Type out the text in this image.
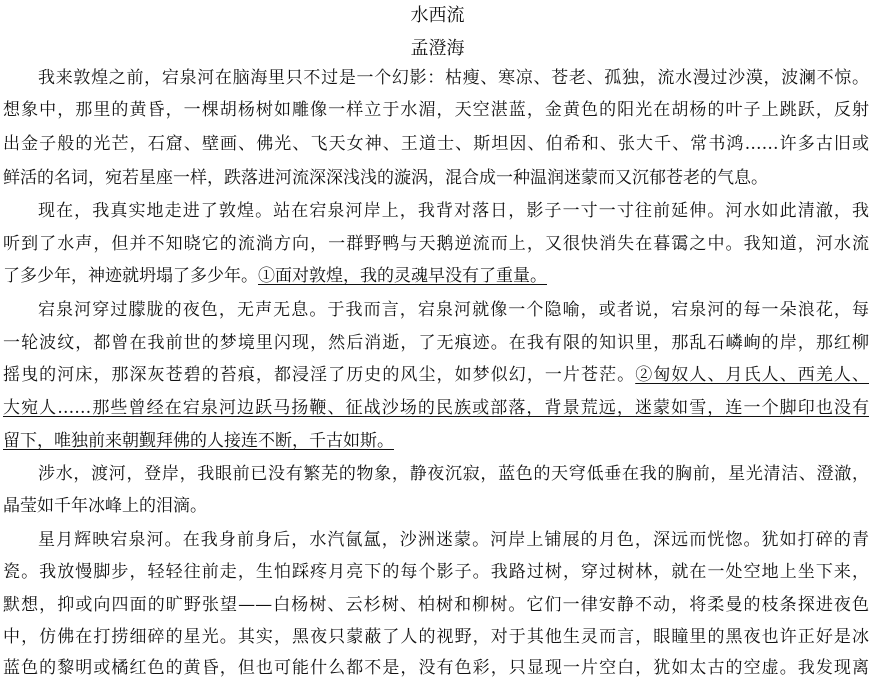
水西流
孟澄海
我来敦煌之前，宕泉河在脑海里只不过是一个幻影：枯瘦、寒凉、苍老、孤独，流水漫过沙漠，波澜不惊。
想象中，那里的黄昏，一棵胡杨树如雕像一样立于水湄，天空湛蓝，金黄色的阳光在胡杨的叶子上跳跃，反射
出金子般的光芒，石窟、壁画、佛光、飞天女神、王道士、斯坦因、伯希和、张大千、常书鸿……许多古旧或
鲜活的名词，宛若星座一样，跌落进河流深深浅浅的漩涡，混合成一种温润迷蒙而又沉郁苍老的气息。
现在，我真实地走进了敦煌。站在宕泉河岸上，我背对落日，影子一寸一寸往前延伸。河水如此清澈，我
听到了水声，但并不知晓它的流淌方向，一群野鸭与天鹅逆流而上，又很快消失在暮霭之中。我知道，河水流
了多少年，神迹就坍塌了多少年。①面对敦煌，我的灵魂早没有了重量。
宕泉河穿过朦胧的夜色，无声无息。于我而言，宕泉河就像一个隐喻，或者说，宕泉河的每一朵浪花，每
一轮波纹，都曾在我前世的梦境里闪现，然后消逝，了无痕迹。在我有限的知识里，那乱石嶙峋的岸，那红柳
摇曳的河床，那深灰苍碧的苔痕，都浸淫了历史的风尘，如梦似幻，一片苍茫。②匈奴人、月氏人、西羌人、
大宛人……那些曾经在宕泉河边跃马扬鞭、征战沙场的民族或部落，背景荒远，迷蒙如雪，连一个脚印也没有
留下，唯独前来朝觐拜佛的人接连不断，千古如斯。
涉水，渡河，登岸，我眼前已没有繁芜的物象，静夜沉寂，蓝色的天穹低垂在我的胸前，星光清洁、澄澈，
晶莹如千年冰峰上的泪滴。
星月辉映宕泉河。在我身前身后，水汽氤氲，沙洲迷蒙。河岸上铺展的月色，深远而恍惚。犹如打碎的青
瓷。我放慢脚步，轻轻往前走，生怕踩疼月亮下的每个影子。我路过树，穿过树林，就在一处空地上坐下来，
默想，抑或向四面的旷野张望——白杨树、云杉树、柏树和柳树。它们一律安静不动，将柔曼的枝条探进夜色
中，仿佛在打捞细碎的星光。其实，黑夜只蒙蔽了人的视野，对于其他生灵而言，眼瞳里的黑夜也许正好是冰
蓝色的黎明或橘红色的黄昏，但也可能什么都不是，没有色彩，只显现一片空白，犹如太古的空虚。我发现离
